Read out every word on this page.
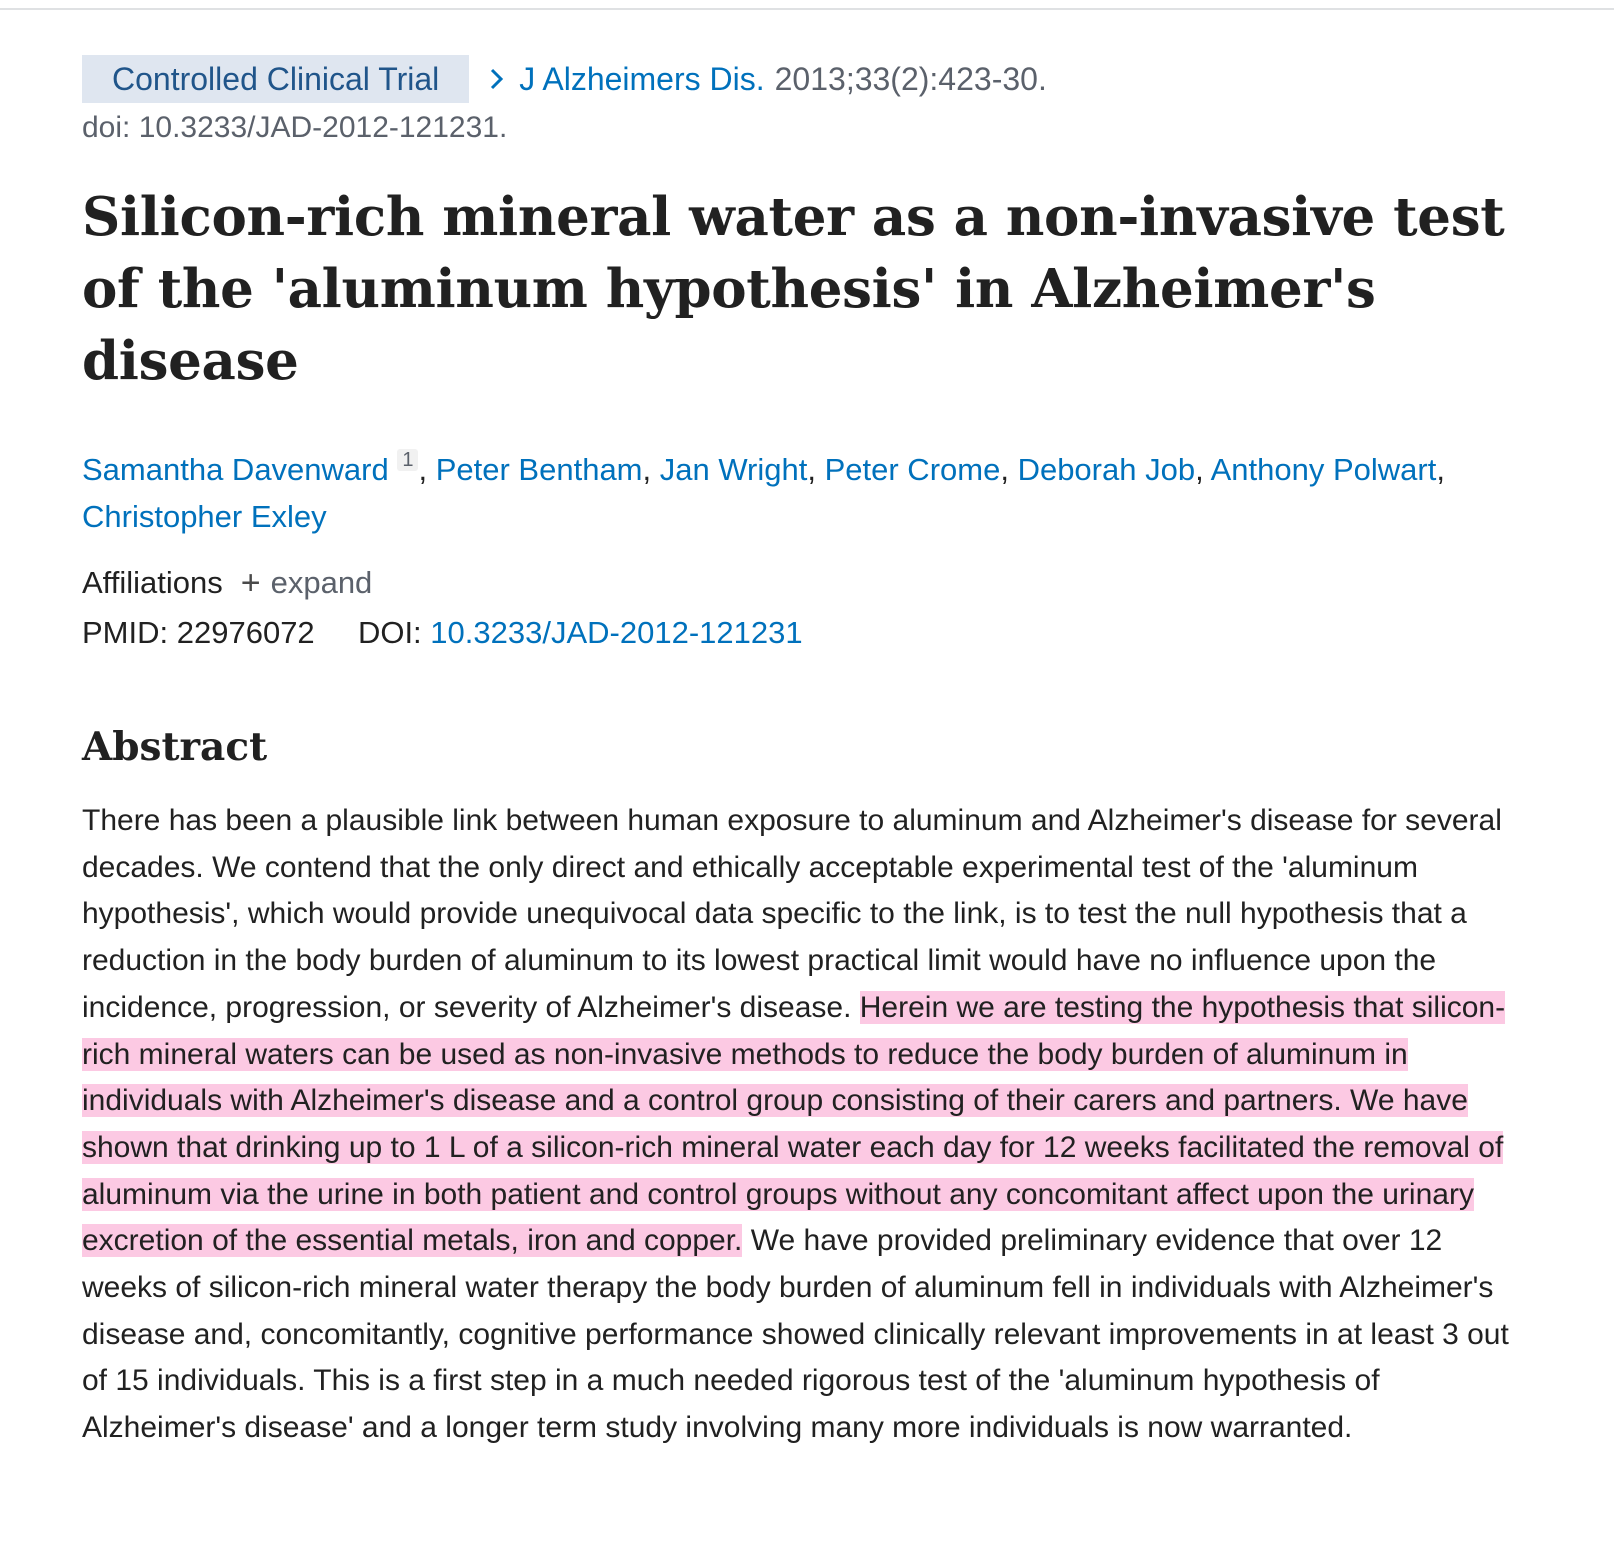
Controlled Clinical Trial	J Alzheimers Dis. 2013;33(2):423-30.
doi: 10.3233/JAD-2012-121231.
Silicon-rich mineral water as a non-invasive test of the 'aluminum hypothesis' in Alzheimer's disease
Samantha Davenward $^1$ , Peter Bentham, Jan Wright, Peter Crome, Deborah Job, Anthony Polwart, Christopher Exley
Affiliations + expand
PMID: 22976072 DOI: 10.3233/JAD-2012-121231
Abstract
There has been a plausible link between human exposure to aluminum and Alzheimer's disease for several decades. We contend that the only direct and ethically acceptable experimental test of the 'aluminum hypothesis', which would provide unequivocal data specific to the link, is to test the null hypothesis that a reduction in the body burden of aluminum to its lowest practical limit would have no influence upon the incidence, progression, or severity of Alzheimer's disease. Herein we are testing the hypothesis that silicon-rich mineral waters can be used as non-invasive methods to reduce the body burden of aluminum in individuals with Alzheimer's disease and a control group consisting of their carers and partners. We have shown that drinking up to 1 L of a silicon-rich mineral water each day for 12 weeks facilitated the removal of aluminum via the urine in both patient and control groups without any concomitant affect upon the urinary excretion of the essential metals, iron and copper. We have provided preliminary evidence that over 12 weeks of silicon-rich mineral water therapy the body burden of aluminum fell in individuals with Alzheimer's disease and, concomitantly, cognitive performance showed clinically relevant improvements in at least 3 out of 15 individuals. This is a first step in a much needed rigorous test of the 'aluminum hypothesis of Alzheimer's disease' and a longer term study involving many more individuals is now warranted.
